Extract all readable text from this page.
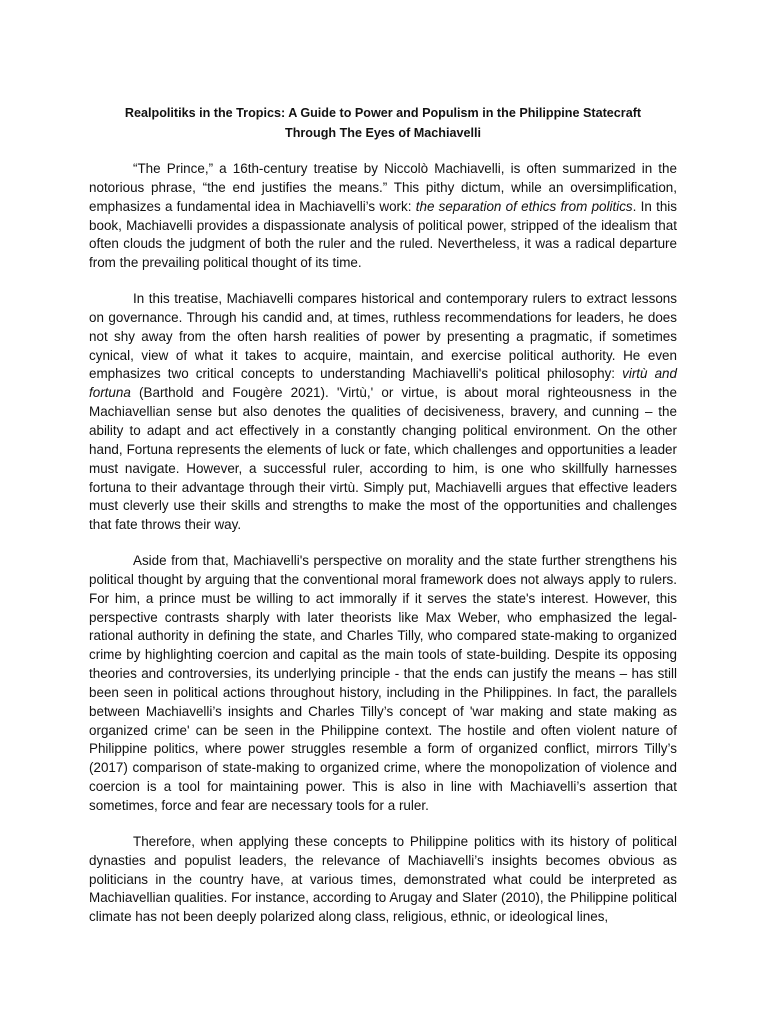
Realpolitiks in the Tropics: A Guide to Power and Populism in the Philippine Statecraft
Through The Eyes of Machiavelli

“The Prince,” a 16th-century treatise by Niccolò Machiavelli, is often summarized in the notorious phrase, “the end justifies the means.” This pithy dictum, while an oversimplification, emphasizes a fundamental idea in Machiavelli’s work: the separation of ethics from politics. In this book, Machiavelli provides a dispassionate analysis of political power, stripped of the idealism that often clouds the judgment of both the ruler and the ruled. Nevertheless, it was a radical departure from the prevailing political thought of its time.

In this treatise, Machiavelli compares historical and contemporary rulers to extract lessons on governance. Through his candid and, at times, ruthless recommendations for leaders, he does not shy away from the often harsh realities of power by presenting a pragmatic, if sometimes cynical, view of what it takes to acquire, maintain, and exercise political authority. He even emphasizes two critical concepts to understanding Machiavelli's political philosophy: virtù and fortuna (Barthold and Fougère 2021). 'Virtù,' or virtue, is about moral righteousness in the Machiavellian sense but also denotes the qualities of decisiveness, bravery, and cunning – the ability to adapt and act effectively in a constantly changing political environment. On the other hand, Fortuna represents the elements of luck or fate, which challenges and opportunities a leader must navigate. However, a successful ruler, according to him, is one who skillfully harnesses fortuna to their advantage through their virtù. Simply put, Machiavelli argues that effective leaders must cleverly use their skills and strengths to make the most of the opportunities and challenges that fate throws their way.

Aside from that, Machiavelli's perspective on morality and the state further strengthens his political thought by arguing that the conventional moral framework does not always apply to rulers. For him, a prince must be willing to act immorally if it serves the state's interest. However, this perspective contrasts sharply with later theorists like Max Weber, who emphasized the legal-rational authority in defining the state, and Charles Tilly, who compared state-making to organized crime by highlighting coercion and capital as the main tools of state-building. Despite its opposing theories and controversies, its underlying principle - that the ends can justify the means – has still been seen in political actions throughout history, including in the Philippines. In fact, the parallels between Machiavelli’s insights and Charles Tilly’s concept of 'war making and state making as organized crime' can be seen in the Philippine context. The hostile and often violent nature of Philippine politics, where power struggles resemble a form of organized conflict, mirrors Tilly’s (2017) comparison of state-making to organized crime, where the monopolization of violence and coercion is a tool for maintaining power. This is also in line with Machiavelli’s assertion that sometimes, force and fear are necessary tools for a ruler.

Therefore, when applying these concepts to Philippine politics with its history of political dynasties and populist leaders, the relevance of Machiavelli’s insights becomes obvious as politicians in the country have, at various times, demonstrated what could be interpreted as Machiavellian qualities. For instance, according to Arugay and Slater (2010), the Philippine political climate has not been deeply polarized along class, religious, ethnic, or ideological lines,
